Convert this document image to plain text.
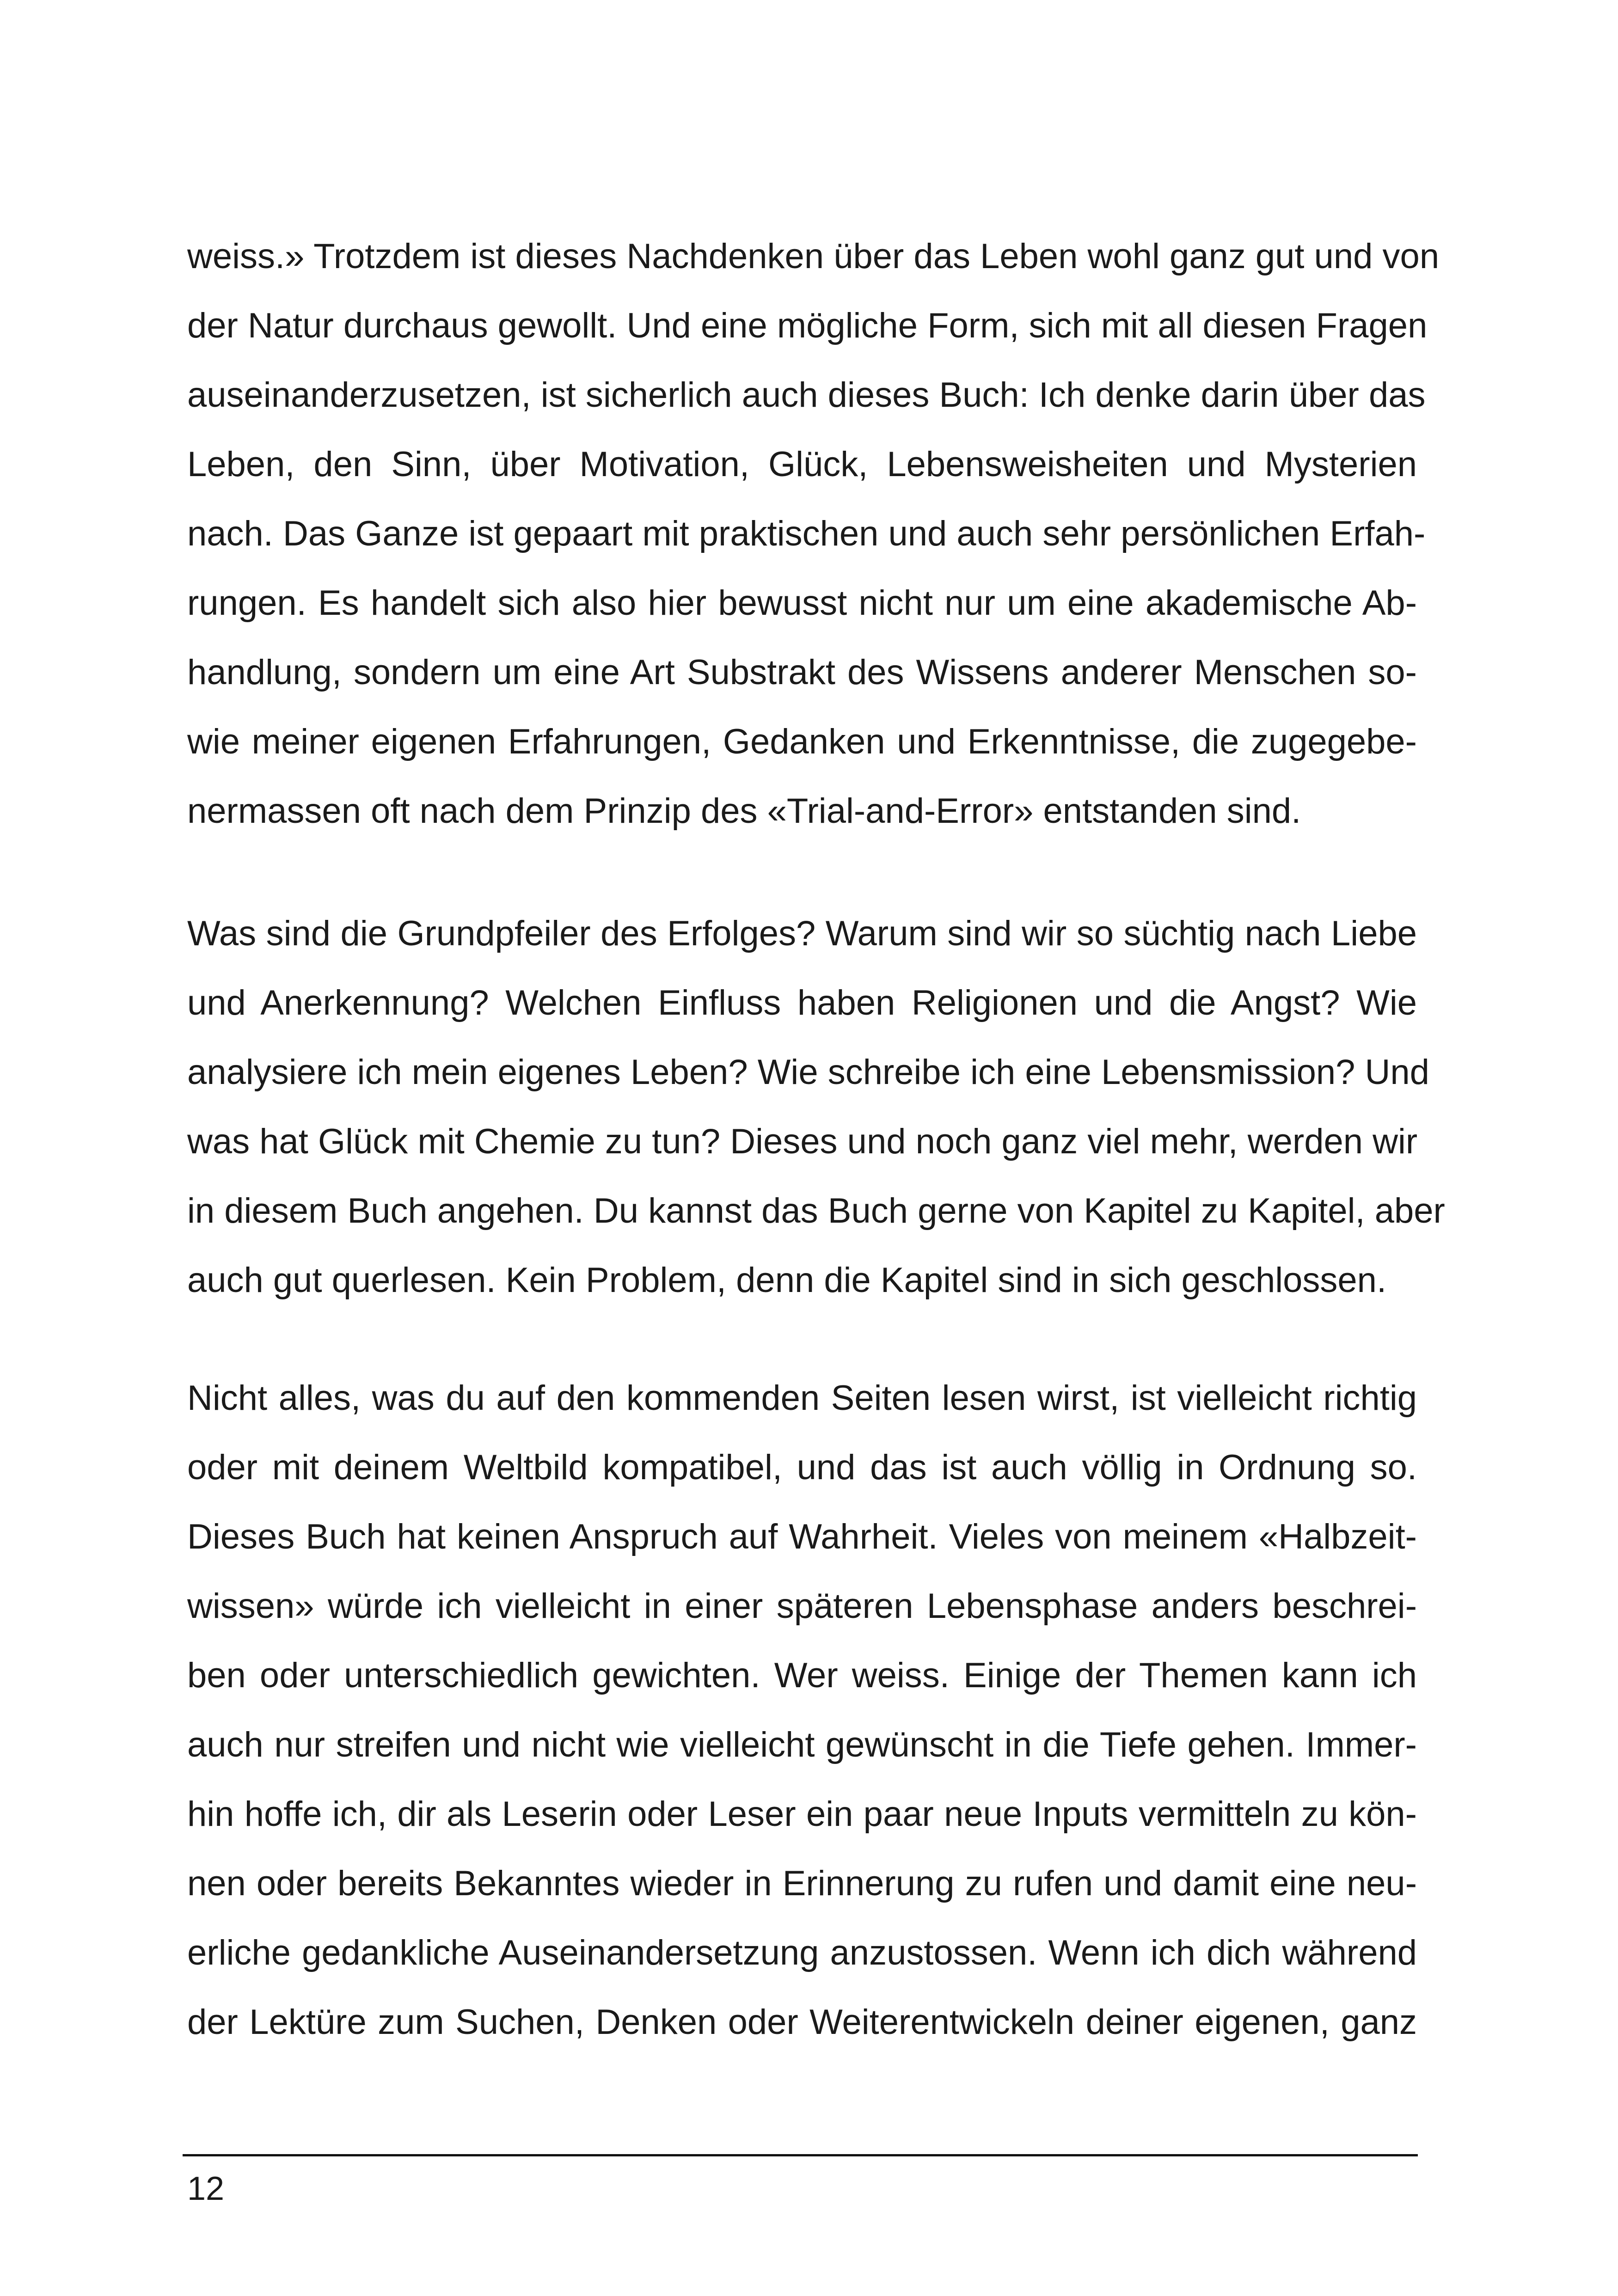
weiss.» Trotzdem ist dieses Nachdenken über das Leben wohl ganz gut und von
der Natur durchaus gewollt. Und eine mögliche Form, sich mit all diesen Fragen
auseinanderzusetzen, ist sicherlich auch dieses Buch: Ich denke darin über das
Leben, den Sinn, über Motivation, Glück, Lebensweisheiten und Mysterien
nach. Das Ganze ist gepaart mit praktischen und auch sehr persönlichen Erfah-
rungen. Es handelt sich also hier bewusst nicht nur um eine akademische Ab-
handlung, sondern um eine Art Substrakt des Wissens anderer Menschen so-
wie meiner eigenen Erfahrungen, Gedanken und Erkenntnisse, die zugegebe-
nermassen oft nach dem Prinzip des «Trial-and-Error» entstanden sind.
Was sind die Grundpfeiler des Erfolges? Warum sind wir so süchtig nach Liebe
und Anerkennung? Welchen Einfluss haben Religionen und die Angst? Wie
analysiere ich mein eigenes Leben? Wie schreibe ich eine Lebensmission? Und
was hat Glück mit Chemie zu tun? Dieses und noch ganz viel mehr, werden wir
in diesem Buch angehen. Du kannst das Buch gerne von Kapitel zu Kapitel, aber
auch gut querlesen. Kein Problem, denn die Kapitel sind in sich geschlossen.
Nicht alles, was du auf den kommenden Seiten lesen wirst, ist vielleicht richtig
oder mit deinem Weltbild kompatibel, und das ist auch völlig in Ordnung so.
Dieses Buch hat keinen Anspruch auf Wahrheit. Vieles von meinem «Halbzeit-
wissen» würde ich vielleicht in einer späteren Lebensphase anders beschrei-
ben oder unterschiedlich gewichten. Wer weiss. Einige der Themen kann ich
auch nur streifen und nicht wie vielleicht gewünscht in die Tiefe gehen. Immer-
hin hoffe ich, dir als Leserin oder Leser ein paar neue Inputs vermitteln zu kön-
nen oder bereits Bekanntes wieder in Erinnerung zu rufen und damit eine neu-
erliche gedankliche Auseinandersetzung anzustossen. Wenn ich dich während
der Lektüre zum Suchen, Denken oder Weiterentwickeln deiner eigenen, ganz
12
